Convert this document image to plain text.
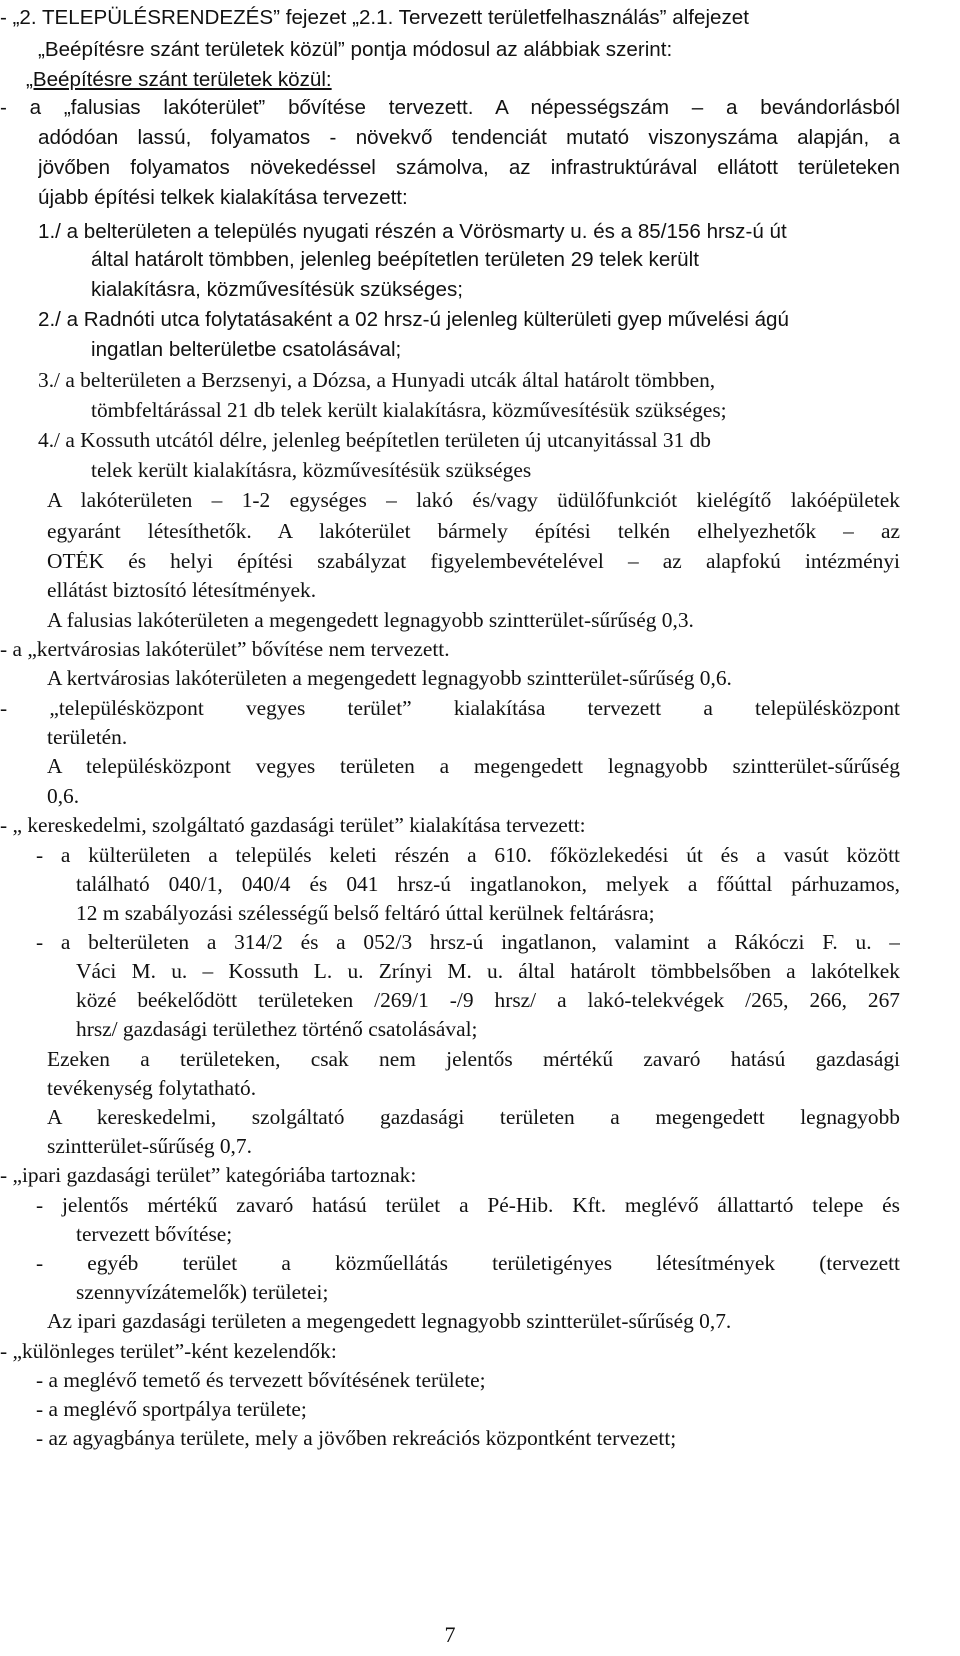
- „2. TELEPÜLÉSRENDEZÉS” fejezet „2.1. Tervezett területfelhasználás” alfejezet
„Beépítésre szánt területek közül” pontja módosul az alábbiak szerint:
„Beépítésre szánt területek közül:
- a „falusias lakóterület” bővítése tervezett. A népességszám – a bevándorlásból
adódóan lassú, folyamatos - növekvő tendenciát mutató viszonyszáma alapján, a
jövőben folyamatos növekedéssel számolva, az infrastruktúrával ellátott területeken
újabb építési telkek kialakítása tervezett:
1./ a belterületen a település nyugati részén a Vörösmarty u. és a 85/156 hrsz-ú út
által határolt tömbben, jelenleg beépítetlen területen 29 telek került
kialakításra, közművesítésük szükséges;
2./ a Radnóti utca folytatásaként a 02 hrsz-ú jelenleg külterületi gyep művelési ágú
ingatlan belterületbe csatolásával;
3./ a belterületen a Berzsenyi, a Dózsa, a Hunyadi utcák által határolt tömbben,
tömbfeltárással 21 db telek került kialakításra, közművesítésük szükséges;
4./ a Kossuth utcától délre, jelenleg beépítetlen területen új utcanyitással 31 db
telek került kialakításra, közművesítésük szükséges
A lakóterületen – 1-2 egységes – lakó és/vagy üdülőfunkciót kielégítő lakóépületek
egyaránt létesíthetők. A lakóterület bármely építési telkén elhelyezhetők – az
OTÉK és helyi építési szabályzat figyelembevételével – az alapfokú intézményi
ellátást biztosító létesítmények.
A falusias lakóterületen a megengedett legnagyobb szintterület-sűrűség 0,3.
- a „kertvárosias lakóterület” bővítése nem tervezett.
A kertvárosias lakóterületen a megengedett legnagyobb szintterület-sűrűség 0,6.
- „településközpont vegyes terület” kialakítása tervezett a településközpont
területén.
A településközpont vegyes területen a megengedett legnagyobb szintterület-sűrűség
0,6.
- „ kereskedelmi, szolgáltató gazdasági terület” kialakítása tervezett:
- a külterületen a település keleti részén a 610. főközlekedési út és a vasút között
található 040/1, 040/4 és 041 hrsz-ú ingatlanokon, melyek a főúttal párhuzamos,
12 m szabályozási szélességű belső feltáró úttal kerülnek feltárásra;
- a belterületen a 314/2 és a 052/3 hrsz-ú ingatlanon, valamint a Rákóczi F. u. –
Váci M. u. – Kossuth L. u. Zrínyi M. u. által határolt tömbbelsőben a lakótelkek
közé beékelődött területeken /269/1 -/9 hrsz/ a lakó-telekvégek /265, 266, 267
hrsz/ gazdasági területhez történő csatolásával;
Ezeken a területeken, csak nem jelentős mértékű zavaró hatású gazdasági
tevékenység folytatható.
A kereskedelmi, szolgáltató gazdasági területen a megengedett legnagyobb
szintterület-sűrűség 0,7.
- „ipari gazdasági terület” kategóriába tartoznak:
- jelentős mértékű zavaró hatású terület a Pé-Hib. Kft. meglévő állattartó telepe és
tervezett bővítése;
- egyéb terület a közműellátás területigényes létesítmények (tervezett
szennyvízátemelők) területei;
Az ipari gazdasági területen a megengedett legnagyobb szintterület-sűrűség 0,7.
- „különleges terület”-ként kezelendők:
- a meglévő temető és tervezett bővítésének területe;
- a meglévő sportpálya területe;
- az agyagbánya területe, mely a jövőben rekreációs központként tervezett;
7
